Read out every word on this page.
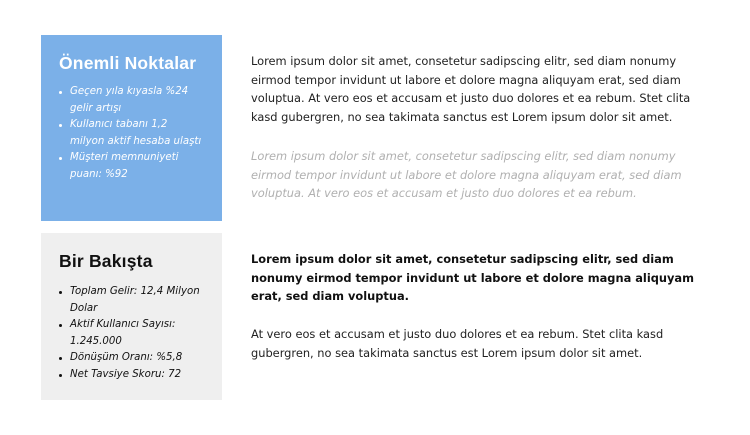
Önemli Noktalar
Geçen yıla kıyasla %24 gelir artışı
Kullanıcı tabanı 1,2 milyon aktif hesaba ulaştı
Müşteri memnuniyeti puanı: %92
Bir Bakışta
Toplam Gelir: 12,4 Milyon Dolar
Aktif Kullanıcı Sayısı: 1.245.000
Dönüşüm Oranı: %5,8
Net Tavsiye Skoru: 72

Lorem ipsum dolor sit amet, consetetur sadipscing elitr, sed diam nonumy eirmod tempor invidunt ut labore et dolore magna aliquyam erat, sed diam voluptua. At vero eos et accusam et justo duo dolores et ea rebum. Stet clita kasd gubergren, no sea takimata sanctus est Lorem ipsum dolor sit amet.

Lorem ipsum dolor sit amet, consetetur sadipscing elitr, sed diam nonumy eirmod tempor invidunt ut labore et dolore magna aliquyam erat, sed diam voluptua. At vero eos et accusam et justo duo dolores et ea rebum.

Lorem ipsum dolor sit amet, consetetur sadipscing elitr, sed diam nonumy eirmod tempor invidunt ut labore et dolore magna aliquyam erat, sed diam voluptua.

At vero eos et accusam et justo duo dolores et ea rebum. Stet clita kasd gubergren, no sea takimata sanctus est Lorem ipsum dolor sit amet.
